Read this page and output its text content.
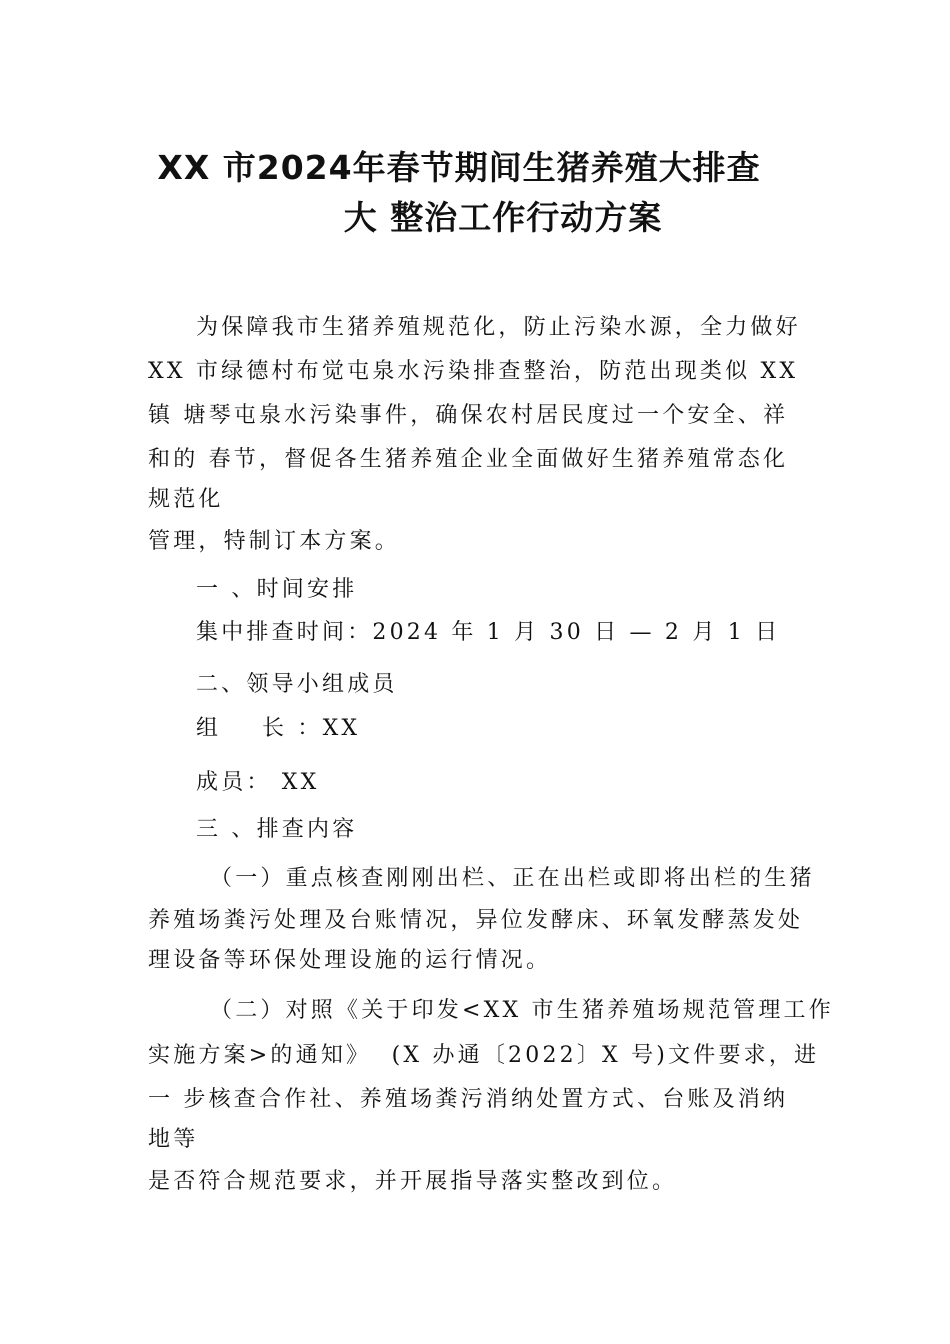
XX 市2024年春节期间生猪养殖大排查
大 整治工作行动方案
为保障我市生猪养殖规范化，防止污染水源，全力做好
XX 市绿德村布觉屯泉水污染排查整治，防范出现类似 XX
镇 塘琴屯泉水污染事件，确保农村居民度过一个安全、祥
和的 春节，督促各生猪养殖企业全面做好生猪养殖常态化
规范化
管理，特制订本方案。
一 、时间安排
集中排查时间：2024 年 1 月 30 日 — 2 月 1 日
二、领导小组成员
组    长 ：XX
成员： XX
三 、排查内容
（一）重点核查刚刚出栏、正在出栏或即将出栏的生猪
养殖场粪污处理及台账情况，异位发酵床、环氧发酵蒸发处
理设备等环保处理设施的运行情况。
（二）对照《关于印发<XX 市生猪养殖场规范管理工作
实施方案>的通知》  (X 办通〔2022〕X 号)文件要求，进
一 步核查合作社、养殖场粪污消纳处置方式、台账及消纳
地等
是否符合规范要求，并开展指导落实整改到位。
